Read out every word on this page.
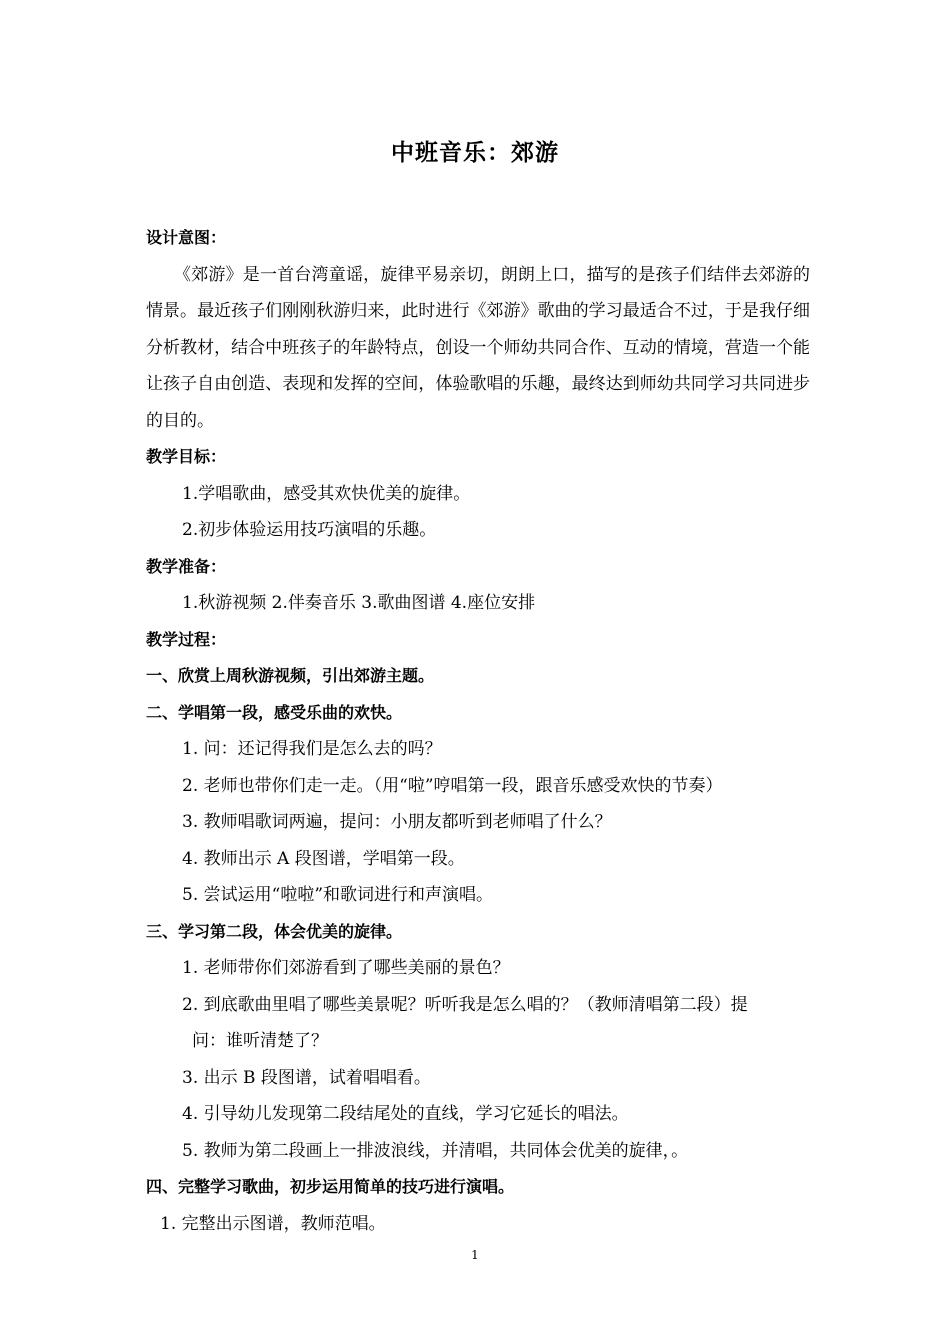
中班音乐：郊游
设计意图：
《郊游》是一首台湾童谣，旋律平易亲切，朗朗上口，描写的是孩子们结伴去郊游的情景。最近孩子们刚刚秋游归来，此时进行《郊游》歌曲的学习最适合不过，于是我仔细分析教材，结合中班孩子的年龄特点，创设一个师幼共同合作、互动的情境，营造一个能让孩子自由创造、表现和发挥的空间，体验歌唱的乐趣，最终达到师幼共同学习共同进步的目的。
教学目标：
1.学唱歌曲，感受其欢快优美的旋律。
2.初步体验运用技巧演唱的乐趣。
教学准备：
1.秋游视频 2.伴奏音乐 3.歌曲图谱 4.座位安排
教学过程：
一、欣赏上周秋游视频，引出郊游主题。
二、学唱第一段，感受乐曲的欢快。
1. 问：还记得我们是怎么去的吗？
2. 老师也带你们走一走。（用“啦”哼唱第一段，跟音乐感受欢快的节奏）
3. 教师唱歌词两遍，提问：小朋友都听到老师唱了什么？
4. 教师出示 A 段图谱，学唱第一段。
5. 尝试运用“啦啦”和歌词进行和声演唱。
三、学习第二段，体会优美的旋律。
1. 老师带你们郊游看到了哪些美丽的景色？
2. 到底歌曲里唱了哪些美景呢？听听我是怎么唱的？（教师清唱第二段）提
问：谁听清楚了？
3. 出示 B 段图谱，试着唱唱看。
4. 引导幼儿发现第二段结尾处的直线，学习它延长的唱法。
5. 教师为第二段画上一排波浪线，并清唱，共同体会优美的旋律，。
四、完整学习歌曲，初步运用简单的技巧进行演唱。
1. 完整出示图谱，教师范唱。
1
